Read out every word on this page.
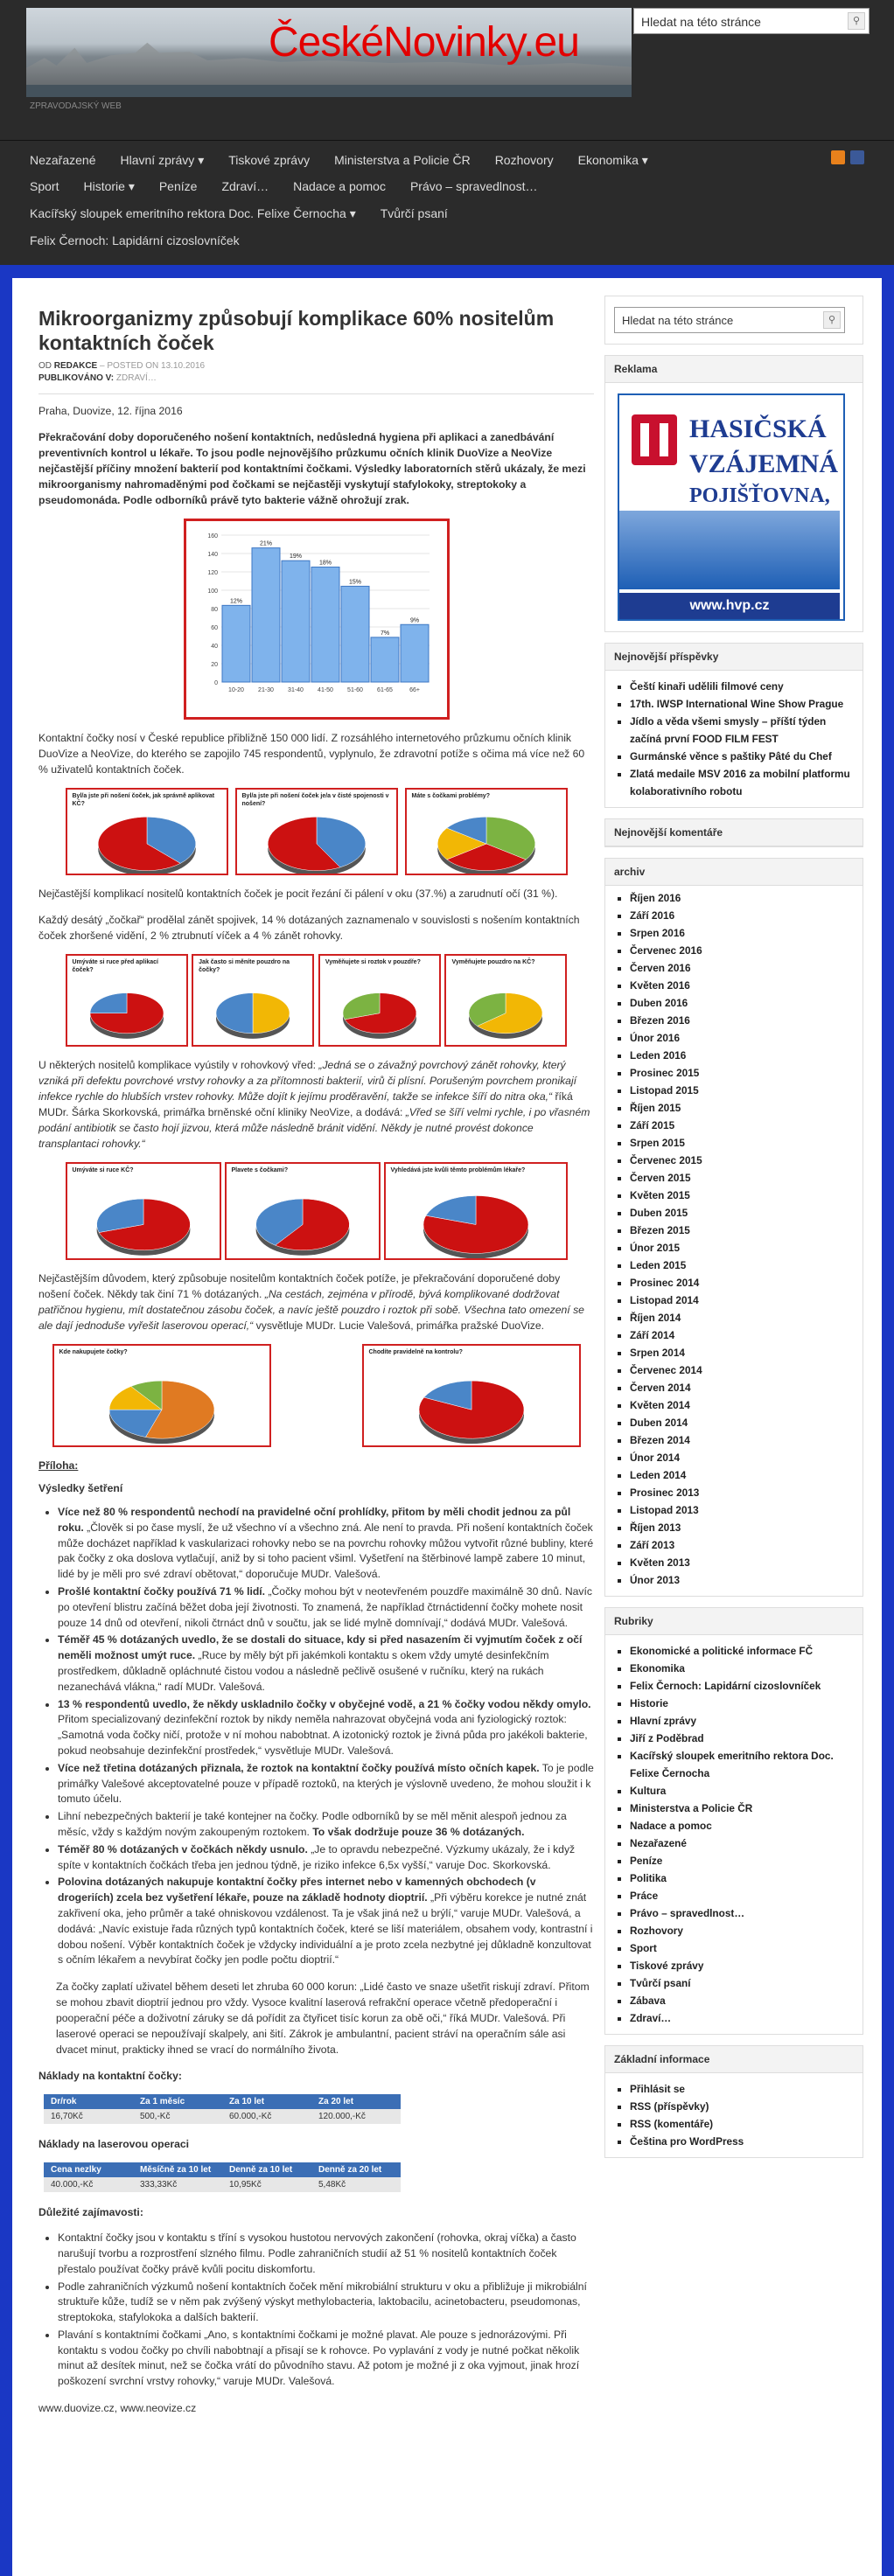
ČeskéNovinky.eu
ZPRAVODAJSKÝ WEB
Hledat na této stránce	⚲
Nezařazené Hlavní zprávy ▾ Tiskové zprávy Ministerstva a Policie ČR Rozhovory Ekonomika ▾
Sport Historie ▾ Peníze Zdraví… Nadace a pomoc Právo – spravedlnost…
Kacířský sloupek emeritního rektora Doc. Felixe Černocha ▾ Tvůrčí psaní
Felix Černoch: Lapidární cizoslovníček
Mikroorganizmy způsobují komplikace 60% nositelům kontaktních čoček
OD REDAKCE – POSTED ON 13.10.2016
PUBLIKOVÁNO V: ZDRAVÍ…

Praha, Duovize, 12. října 2016

Překračování doby doporučeného nošení kontaktních, nedůsledná hygiena při aplikaci a zanedbávání preventivních kontrol u lékaře. To jsou podle nejnovějšího průzkumu očních klinik DuoVize a NeoVize nejčastější příčiny množení bakterií pod kontaktními čočkami. Výsledky laboratorních stěrů ukázaly, že mezi mikroorganismy nahromaděnými pod čočkami se nejčastěji vyskytují stafylokoky, streptokoky a pseudomonáda. Podle odborníků právě tyto bakterie vážně ohrožují zrak.

0
20
40
60
80
100
120
140
160
12%
10-20
21%
21-30
19%
31-40
18%
41-50
15%
51-60
7%
61-65
9%
66+

Kontaktní čočky nosí v České republice přibližně 150 000 lidí. Z rozsáhlého internetového průzkumu očních klinik DuoVize a NeoVize, do kterého se zapojilo 745 respondentů, vyplynulo, že zdravotní potíže s očima má více než 60 % uživatelů kontaktních čoček.

Byl/a jste při nošení čoček, jak správně aplikovat KČ?
Byl/a jste při nošení čoček je/a v čisté spojenosti v nošení?
Máte s čočkami problémy?

Nejčastější komplikací nositelů kontaktních čoček je pocit řezání či pálení v oku (37.%) a zarudnutí očí (31 %).

Každý desátý „čočkař“ prodělal zánět spojivek, 14 % dotázaných zaznamenalo v souvislosti s nošením kontaktních čoček zhoršené vidění, 2 % ztrubnutí víček a 4 % zánět rohovky.

Umýváte si ruce před aplikací čoček?
Jak často si měníte pouzdro na čočky?
Vyměňujete si roztok v pouzdře?	Vyměňujete pouzdro na KČ?

U některých nositelů komplikace vyústily v rohovkový vřed: „Jedná se o závažný povrchový zánět rohovky, který vzniká při defektu povrchové vrstvy rohovky a za přítomnosti bakterií, virů či plísní. Porušeným povrchem pronikají infekce rychle do hlubších vrstev rohovky. Může dojít k jejímu proděravění, takže se infekce šíří do nitra oka,“ říká MUDr. Šárka Skorkovská, primářka brněnské oční kliniky NeoVize, a dodává: „Vřed se šíří velmi rychle, i po vřasném podání antibiotik se často hojí jizvou, která může následně bránit vidění. Někdy je nutné provést dokonce transplantaci rohovky.“

Umýváte si ruce KČ?	Plavete s čočkami?	Vyhledává jste kvůli těmto problémům lékaře?

Nejčastějším důvodem, který způsobuje nositelům kontaktních čoček potíže, je překračování doporučené doby nošení čoček. Někdy tak činí 71 % dotázaných. „Na cestách, zejména v přírodě, bývá komplikované dodržovat patřičnou hygienu, mít dostatečnou zásobu čoček, a navíc ještě pouzdro i roztok při sobě. Všechna tato omezení se ale dají jednoduše vyřešit laserovou operací,“ vysvětluje MUDr. Lucie Valešová, primářka pražské DuoVize.

Kde nakupujete čočky?	Chodíte pravidelně na kontrolu?

Příloha:

Výsledky šetření

• Více než 80 % respondentů nechodí na pravidelné oční prohlídky, přitom by měli chodit jednou za půl roku. „Člověk si po čase myslí, že už všechno ví a všechno zná. Ale není to pravda. Při nošení kontaktních čoček může docházet například k vaskularizaci rohovky nebo se na povrchu rohovky můžou vytvořit různé bubliny, které pak čočky z oka doslova vytlačují, aniž by si toho pacient všiml. Vyšetření na štěrbinové lampě zabere 10 minut, lidé by je měli pro své zdraví obětovat,“ doporučuje MUDr. Valešová.
• Prošlé kontaktní čočky používá 71 % lidí. „Čočky mohou být v neotevřeném pouzdře maximálně 30 dnů. Navíc po otevření blistru začíná běžet doba její životnosti. To znamená, že například čtrnáctidenní čočky mohete nosit pouze 14 dnů od otevření, nikoli čtrnáct dnů v součtu, jak se lidé mylně domnívají,“ dodává MUDr. Valešová.
• Téměř 45 % dotázaných uvedlo, že se dostali do situace, kdy si před nasazením či vyjmutím čoček z očí neměli možnost umýt ruce. „Ruce by měly být při jakémkoli kontaktu s okem vždy umyté desinfekčním prostředkem, důkladně opláchnuté čistou vodou a následně pečlivě osušené v ručníku, který na rukách nezanechává vlákna,“ radí MUDr. Valešová.
• 13 % respondentů uvedlo, že někdy uskladnilo čočky v obyčejné vodě, a 21 % čočky vodou někdy omylo. Přitom specializovaný dezinfekční roztok by nikdy neměla nahrazovat obyčejná voda ani fyziologický roztok: „Samotná voda čočky ničí, protože v ní mohou nabobtnat. A izotonický roztok je živná půda pro jakékoli bakterie, pokud neobsahuje dezinfekční prostředek,“ vysvětluje MUDr. Valešová.
• Více než třetina dotázaných přiznala, že roztok na kontaktní čočky používá místo očních kapek. To je podle primářky Valešové akceptovatelné pouze v případě roztoků, na kterých je výslovně uvedeno, že mohou sloužit i k tomuto účelu.
• Lihní nebezpečných bakterií je také kontejner na čočky. Podle odborníků by se měl měnit alespoň jednou za měsíc, vždy s každým novým zakoupeným roztokem. To však dodržuje pouze 36 % dotázaných.
• Téměř 80 % dotázaných v čočkách někdy usnulo. „Je to opravdu nebezpečné. Výzkumy ukázaly, že i když spíte v kontaktních čočkách třeba jen jednou týdně, je riziko infekce 6,5x vyšší,“ varuje Doc. Skorkovská.
• Polovina dotázaných nakupuje kontaktní čočky přes internet nebo v kamenných obchodech (v drogeriích) zcela bez vyšetření lékaře, pouze na základě hodnoty dioptrií. „Při výběru korekce je nutné znát zakřivení oka, jeho průměr a také ohniskovou vzdálenost. Ta je však jiná než u brýlí,“ varuje MUDr. Valešová, a dodává: „Navíc existuje řada různých typů kontaktních čoček, které se liší materiálem, obsahem vody, kontrastní i dobou nošení. Výběr kontaktních čoček je vždycky individuální a je proto zcela nezbytné jej důkladně konzultovat s očním lékařem a nevybírat čočky jen podle počtu dioptrií.“

Za čočky zaplatí uživatel během deseti let zhruba 60 000 korun: „Lidé často ve snaze ušetřit riskují zdraví. Přitom se mohou zbavit dioptrií jednou pro vždy. Vysoce kvalitní laserová refrakční operace včetně předoperační i pooperační péče a doživotní záruky se dá pořídit za čtyřicet tisíc korun za obě oči,“ říká MUDr. Valešová. Při laserové operaci se nepoužívají skalpely, ani šití. Zákrok je ambulantní, pacient stráví na operačním sále asi dvacet minut, prakticky ihned se vrací do normálního života.

Náklady na kontaktní čočky:

Dr/rok	Za 1 měsíc	Za 10 let	Za 20 let
16,70Kč	500,-Kč	60.000,-Kč	120.000,-Kč

Náklady na laserovou operaci

Cena nezlky	Měsíčně za 10 let	Denně za 10 let	Denně za 20 let
40.000,-Kč	333,33Kč	10,95Kč	5,48Kč

Důležité zajímavosti:

• Kontaktní čočky jsou v kontaktu s tříní s vysokou hustotou nervových zakončení (rohovka, okraj víčka) a často narušují tvorbu a rozprostření slzného filmu. Podle zahraničních studií až 51 % nositelů kontaktních čoček přestalo používat čočky právě kvůli pocitu diskomfortu.
• Podle zahraničních výzkumů nošení kontaktních čoček mění mikrobiální strukturu v oku a přibližuje ji mikrobiální struktuře kůže, tudíž se v něm pak zvýšený výskyt methylobacteria, laktobacilu, acinetobacteru, pseudomonas, streptokoka, stafylokoka a dalších bakterií.
• Plavání s kontaktními čočkami „Ano, s kontaktními čočkami je možné plavat. Ale pouze s jednorázovými. Při kontaktu s vodou čočky po chvíli nabobtnají a přisají se k rohovce. Po vyplavání z vody je nutné počkat několik minut až desítek minut, než se čočka vrátí do původního stavu. Až potom je možné ji z oka vyjmout, jinak hrozí poškození svrchní vrstvy rohovky,“ varuje MUDr. Valešová.

www.duovize.cz, www.neovize.cz

Hledat na této stránce	⚲
Reklama
HASIČSKÁ
VZÁJEMNÁ
POJIŠŤOVNA,
www.hvp.cz
Nejnovější příspěvky
▪ Čeští kinaři udělili filmové ceny
▪ 17th. IWSP International Wine Show Prague
▪ Jídlo a věda všemi smysly – příští týden začíná první FOOD FILM FEST
▪ Gurmánské věnce s paštiky Pâté du Chef
▪ Zlatá medaile MSV 2016 za mobilní platformu kolaborativního robotu
Nejnovější komentáře
archiv
▪ Říjen 2016
▪ Září 2016
▪ Srpen 2016
▪ Červenec 2016
▪ Červen 2016
▪ Květen 2016
▪ Duben 2016
▪ Březen 2016
▪ Únor 2016
▪ Leden 2016
▪ Prosinec 2015
▪ Listopad 2015
▪ Říjen 2015
▪ Září 2015
▪ Srpen 2015
▪ Červenec 2015
▪ Červen 2015
▪ Květen 2015
▪ Duben 2015
▪ Březen 2015
▪ Únor 2015
▪ Leden 2015
▪ Prosinec 2014
▪ Listopad 2014
▪ Říjen 2014
▪ Září 2014
▪ Srpen 2014
▪ Červenec 2014
▪ Červen 2014
▪ Květen 2014
▪ Duben 2014
▪ Březen 2014
▪ Únor 2014
▪ Leden 2014
▪ Prosinec 2013
▪ Listopad 2013
▪ Říjen 2013
▪ Září 2013
▪ Květen 2013
▪ Únor 2013
Rubriky
▪ Ekonomické a politické informace FČ
▪ Ekonomika
▪ Felix Černoch: Lapidární cizoslovníček
▪ Historie
▪ Hlavní zprávy
▪ Jiří z Poděbrad
▪ Kacířský sloupek emeritního rektora Doc. Felixe Černocha
▪ Kultura
▪ Ministerstva a Policie ČR
▪ Nadace a pomoc
▪ Nezařazené
▪ Peníze
▪ Politika
▪ Práce
▪ Právo – spravedlnost…
▪ Rozhovory
▪ Sport
▪ Tiskové zprávy
▪ Tvůrčí psaní
▪ Zábava
▪ Zdraví…
Základní informace
▪ Přihlásit se
▪ RSS (příspěvky)
▪ RSS (komentáře)
▪ Čeština pro WordPress
